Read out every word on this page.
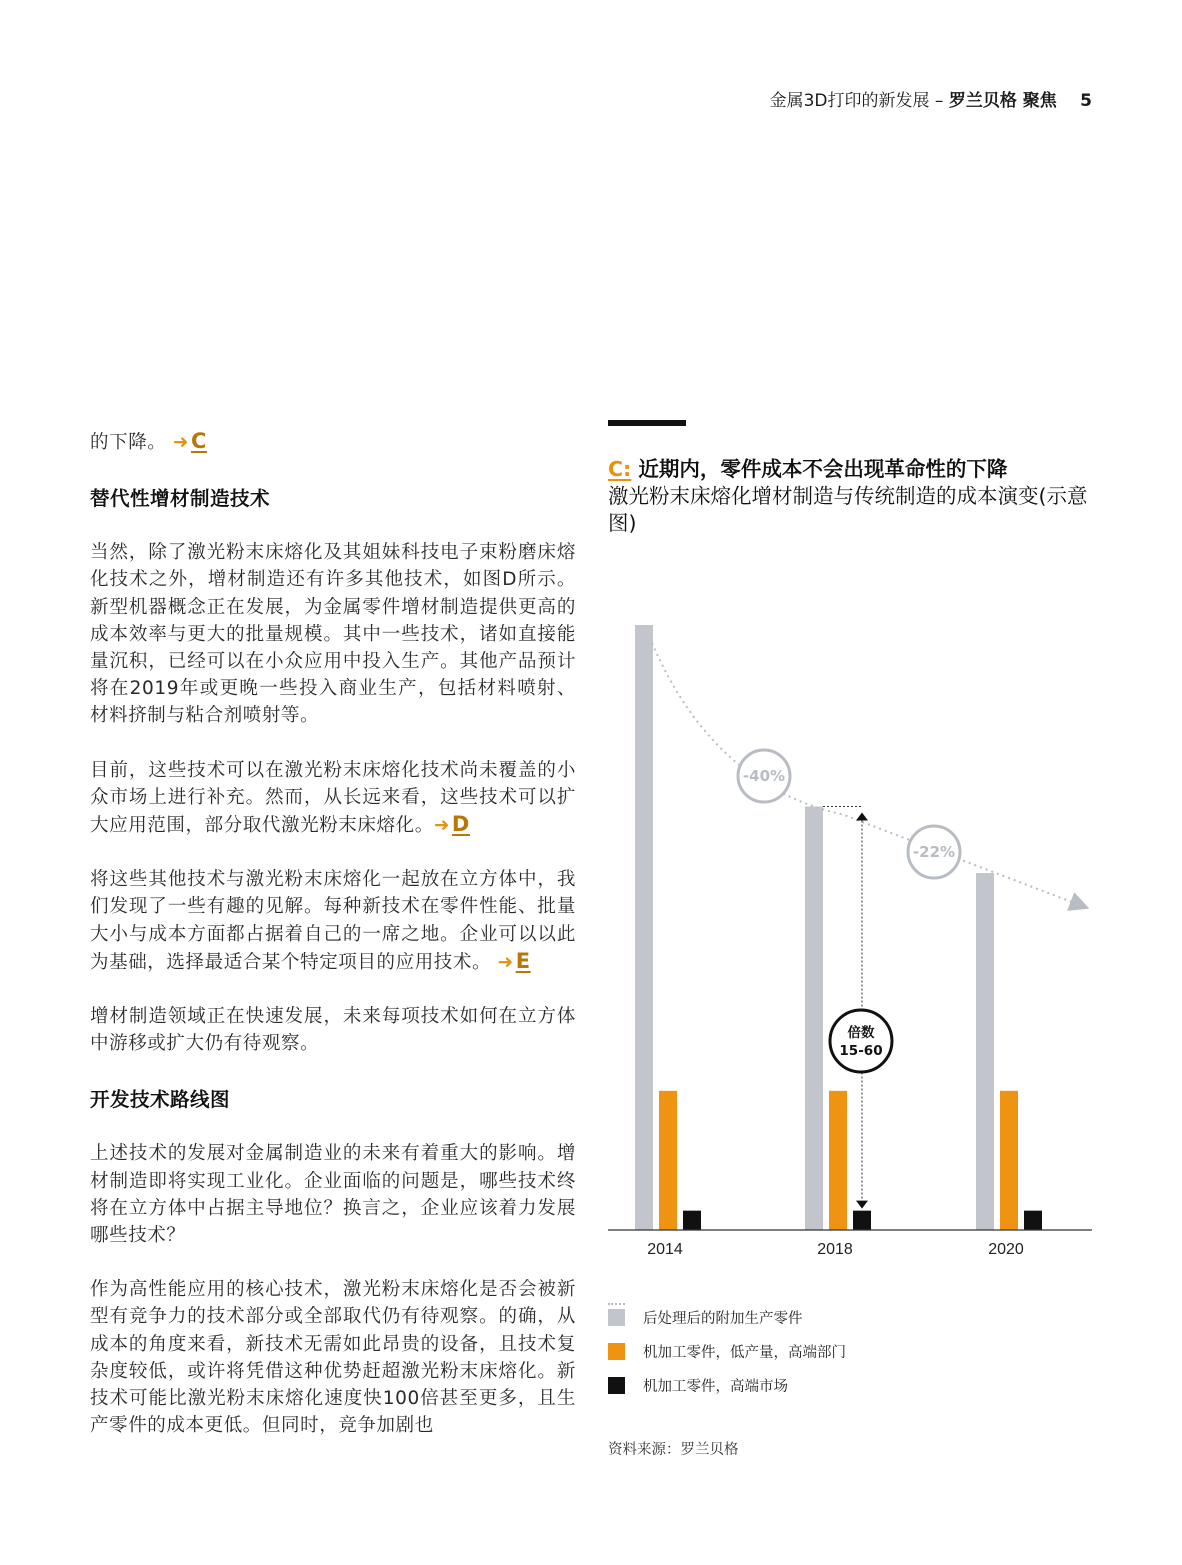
金属3D打印的新发展 – 罗兰贝格 聚焦 5

的下降。 ➜C

替代性增材制造技术

当然，除了激光粉末床熔化及其姐妹科技电子束粉磨床熔化技术之外，增材制造还有许多其他技术，如图D所示。新型机器概念正在发展，为金属零件增材制造提供更高的成本效率与更大的批量规模。其中一些技术，诸如直接能量沉积，已经可以在小众应用中投入生产。其他产品预计将在2019年或更晚一些投入商业生产，包括材料喷射、材料挤制与粘合剂喷射等。

目前，这些技术可以在激光粉末床熔化技术尚未覆盖的小众市场上进行补充。然而，从长远来看，这些技术可以扩大应用范围，部分取代激光粉末床熔化。➜D

将这些其他技术与激光粉末床熔化一起放在立方体中，我们发现了一些有趣的见解。每种新技术在零件性能、批量大小与成本方面都占据着自己的一席之地。企业可以以此为基础，选择最适合某个特定项目的应用技术。 ➜E

增材制造领域正在快速发展，未来每项技术如何在立方体中游移或扩大仍有待观察。

开发技术路线图

上述技术的发展对金属制造业的未来有着重大的影响。增材制造即将实现工业化。企业面临的问题是，哪些技术终将在立方体中占据主导地位？换言之，企业应该着力发展哪些技术？

作为高性能应用的核心技术，激光粉末床熔化是否会被新型有竞争力的技术部分或全部取代仍有待观察。的确，从成本的角度来看，新技术无需如此昂贵的设备，且技术复杂度较低，或许将凭借这种优势赶超激光粉末床熔化。新技术可能比激光粉末床熔化速度快100倍甚至更多，且生产零件的成本更低。但同时，竞争加剧也

C: 近期内，零件成本不会出现革命性的下降
激光粉末床熔化增材制造与传统制造的成本演变(示意图)
2014	2018	2020
-40%
-22%
倍数
15-60
后处理后的附加生产零件
机加工零件，低产量，高端部门
机加工零件，高端市场
资料来源：罗兰贝格
